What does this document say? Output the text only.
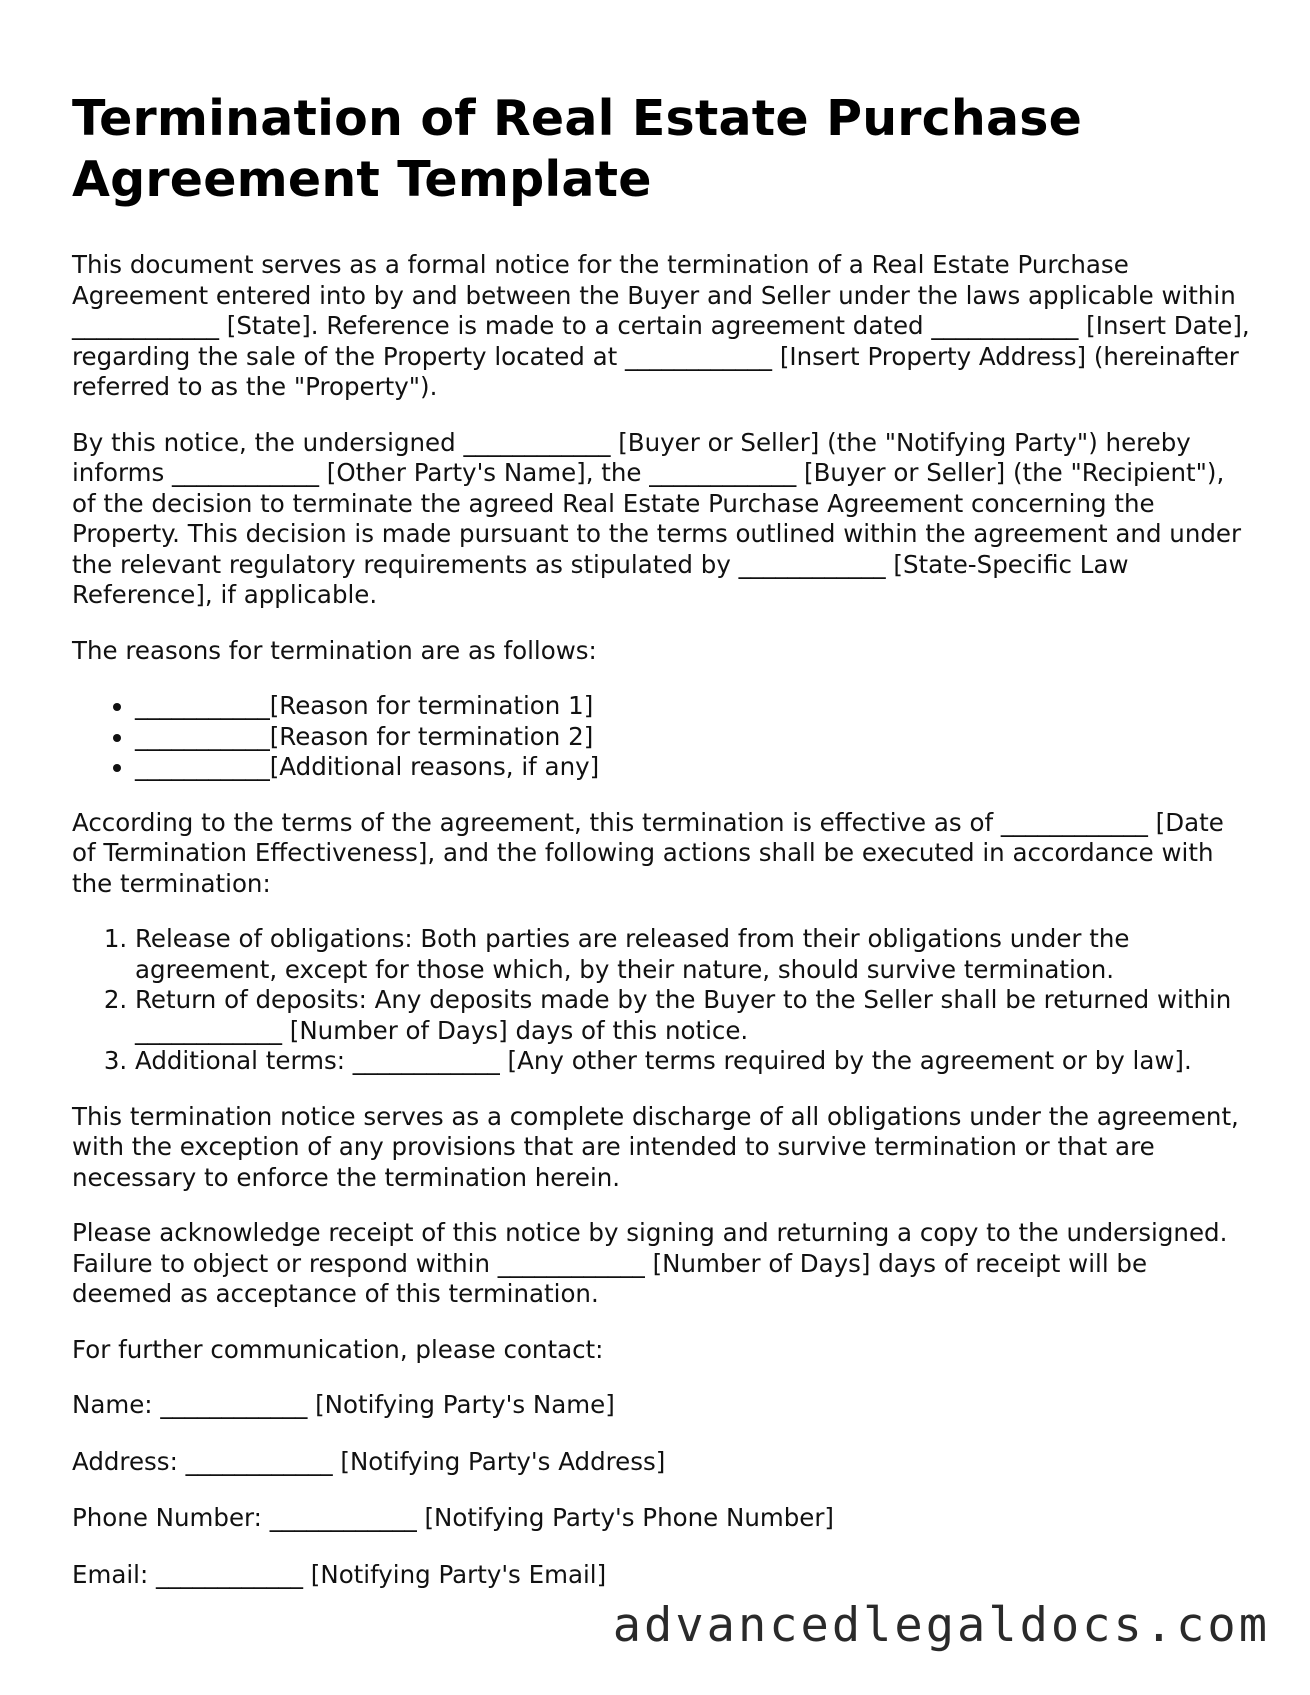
Termination of Real Estate Purchase Agreement Template

This document serves as a formal notice for the termination of a Real Estate Purchase Agreement entered into by and between the Buyer and Seller under the laws applicable within ____________ [State]. Reference is made to a certain agreement dated ____________ [Insert Date], regarding the sale of the Property located at ____________ [Insert Property Address] (hereinafter referred to as the "Property").

By this notice, the undersigned ____________ [Buyer or Seller] (the "Notifying Party") hereby informs ____________ [Other Party's Name], the ____________ [Buyer or Seller] (the "Recipient"), of the decision to terminate the agreed Real Estate Purchase Agreement concerning the Property. This decision is made pursuant to the terms outlined within the agreement and under the relevant regulatory requirements as stipulated by ____________ [State-Specific Law Reference], if applicable.

The reasons for termination are as follows:

• ___________[Reason for termination 1]
• ___________[Reason for termination 2]
• ___________[Additional reasons, if any]

According to the terms of the agreement, this termination is effective as of ____________ [Date of Termination Effectiveness], and the following actions shall be executed in accordance with the termination:

1. Release of obligations: Both parties are released from their obligations under the agreement, except for those which, by their nature, should survive termination.
2. Return of deposits: Any deposits made by the Buyer to the Seller shall be returned within ____________ [Number of Days] days of this notice.
3. Additional terms: ____________ [Any other terms required by the agreement or by law].

This termination notice serves as a complete discharge of all obligations under the agreement, with the exception of any provisions that are intended to survive termination or that are necessary to enforce the termination herein.

Please acknowledge receipt of this notice by signing and returning a copy to the undersigned. Failure to object or respond within ____________ [Number of Days] days of receipt will be deemed as acceptance of this termination.

For further communication, please contact:

Name: ____________ [Notifying Party's Name]

Address: ____________ [Notifying Party's Address]

Phone Number: ____________ [Notifying Party's Phone Number]

Email: ____________ [Notifying Party's Email]

advancedlegaldocs.com
